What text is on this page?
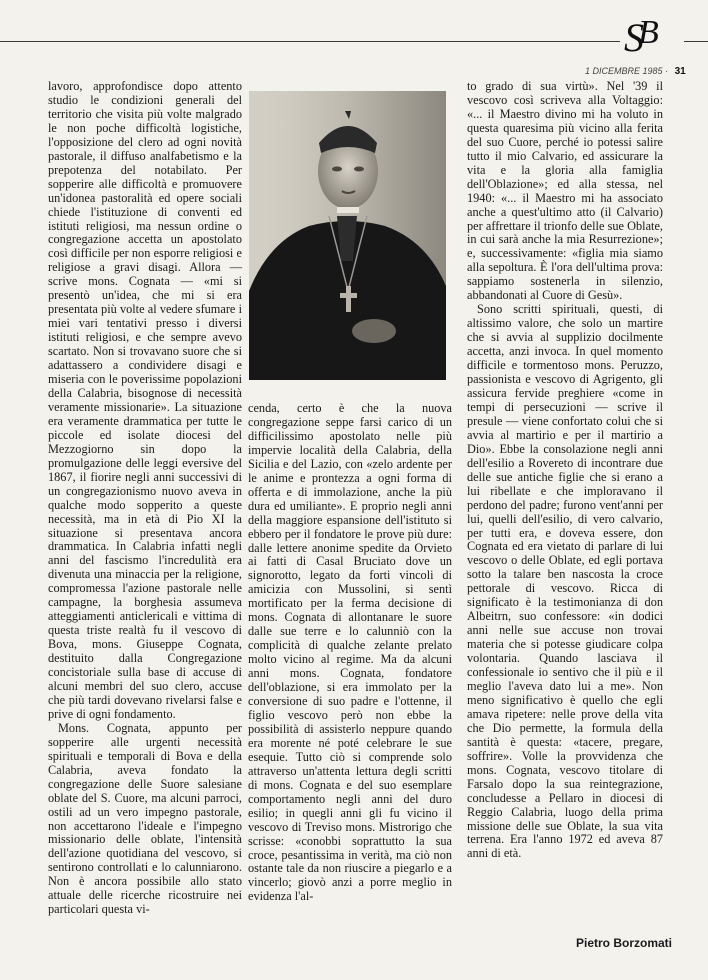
SB
1 DICEMBRE 1985 · 31

lavoro, approfondisce dopo attento studio le condizioni generali del territorio che visita più volte malgrado le non poche difficoltà logistiche, l'opposizione del clero ad ogni novità pastorale, il diffuso analfabetismo e la prepotenza del notabilato. Per sopperire alle difficoltà e promuovere un'idonea pastoralità ed opere sociali chiede l'istituzione di conventi ed istituti religiosi, ma nessun ordine o congregazione accetta un apostolato così difficile per non esporre religiosi e religiose a gravi disagi. Allora — scrive mons. Cognata — «mi si presentò un'idea, che mi si era presentata più volte al vedere sfumare i miei vari tentativi presso i diversi istituti religiosi, e che sempre avevo scartato. Non si trovavano suore che si adattassero a condividere disagi e miseria con le poverissime popolazioni della Calabria, bisognose di necessità veramente missionarie». La situazione era veramente drammatica per tutte le piccole ed isolate diocesi del Mezzogiorno sin dopo la promulgazione delle leggi eversive del 1867, il fiorire negli anni successivi di un congregazionismo nuovo aveva in qualche modo sopperito a queste necessità, ma in età di Pio XI la situazione si presentava ancora drammatica. In Calabria infatti negli anni del fascismo l'incredulità era divenuta una minaccia per la religione, compromessa l'azione pastorale nelle campagne, la borghesia assumeva atteggiamenti anticlericali e vittima di questa triste realtà fu il vescovo di Bova, mons. Giuseppe Cognata, destituito dalla Congregazione concistoriale sulla base di accuse di alcuni membri del suo clero, accuse che più tardi dovevano rivelarsi false e prive di ogni fondamento.

Mons. Cognata, appunto per sopperire alle urgenti necessità spirituali e temporali di Bova e della Calabria, aveva fondato la congregazione delle Suore salesiane oblate del S. Cuore, ma alcuni parroci, ostili ad un vero impegno pastorale, non accettarono l'ideale e l'impegno missionario delle oblate, l'intensità dell'azione quotidiana del vescovo, si sentirono controllati e lo calunniarono. Non è ancora possibile allo stato attuale delle ricerche ricostruire nei particolari questa vi-

cenda, certo è che la nuova congregazione seppe farsi carico di un difficilissimo apostolato nelle più impervie località della Calabria, della Sicilia e del Lazio, con «zelo ardente per le anime e prontezza a ogni forma di offerta e di immolazione, anche la più dura ed umiliante». E proprio negli anni della maggiore espansione dell'istituto si ebbero per il fondatore le prove più dure: dalle lettere anonime spedite da Orvieto ai fatti di Casal Bruciato dove un signorotto, legato da forti vincoli di amicizia con Mussolini, si sentì mortificato per la ferma decisione di mons. Cognata di allontanare le suore dalle sue terre e lo calunniò con la complicità di qualche zelante prelato molto vicino al regime. Ma da alcuni anni mons. Cognata, fondatore dell'oblazione, si era immolato per la conversione di suo padre e l'ottenne, il figlio vescovo però non ebbe la possibilità di assisterlo neppure quando era morente né poté celebrare le sue esequie. Tutto ciò si comprende solo attraverso un'attenta lettura degli scritti di mons. Cognata e del suo esemplare comportamento negli anni del duro esilio; in quegli anni gli fu vicino il vescovo di Treviso mons. Mistrorigo che scrisse: «conobbi soprattutto la sua croce, pesantissima in verità, ma ciò non ostante tale da non riuscire a piegarlo e a vincerlo; giovò anzi a porre meglio in evidenza l'al-

to grado di sua virtù». Nel '39 il vescovo così scriveva alla Voltaggio: «... il Maestro divino mi ha voluto in questa quaresima più vicino alla ferita del suo Cuore, perché io potessi salire tutto il mio Calvario, ed assicurare la vita e la gloria alla famiglia dell'Oblazione»; ed alla stessa, nel 1940: «... il Maestro mi ha associato anche a quest'ultimo atto (il Calvario) per affrettare il trionfo delle sue Oblate, in cui sarà anche la mia Resurrezione»; e, successivamente: «figlia mia siamo alla sepoltura. È l'ora dell'ultima prova: sappiamo sostenerla in silenzio, abbandonati al Cuore di Gesù».

Sono scritti spirituali, questi, di altissimo valore, che solo un martire che si avvia al supplizio docilmente accetta, anzi invoca. In quel momento difficile e tormentoso mons. Peruzzo, passionista e vescovo di Agrigento, gli assicura fervide preghiere «come in tempi di persecuzioni — scrive il presule — viene confortato colui che si avvia al martirio e per il martirio a Dio». Ebbe la consolazione negli anni dell'esilio a Rovereto di incontrare due delle sue antiche figlie che si erano a lui ribellate e che imploravano il perdono del padre; furono vent'anni per lui, quelli dell'esilio, di vero calvario, per tutti era, e doveva essere, don Cognata ed era vietato di parlare di lui vescovo o delle Oblate, ed egli portava sotto la talare ben nascosta la croce pettorale di vescovo. Ricca di significato è la testimonianza di don Albeitrn, suo confessore: «in dodici anni nelle sue accuse non trovai materia che si potesse giudicare colpa volontaria. Quando lasciava il confessionale io sentivo che il più e il meglio l'aveva dato lui a me». Non meno significativo è quello che egli amava ripetere: nelle prove della vita che Dio permette, la formula della santità è questa: «tacere, pregare, soffrire». Volle la provvidenza che mons. Cognata, vescovo titolare di Farsalo dopo la sua reintegrazione, concludesse a Pellaro in diocesi di Reggio Calabria, luogo della prima missione delle sue Oblate, la sua vita terrena. Era l'anno 1972 ed aveva 87 anni di età.

Pietro Borzomati
